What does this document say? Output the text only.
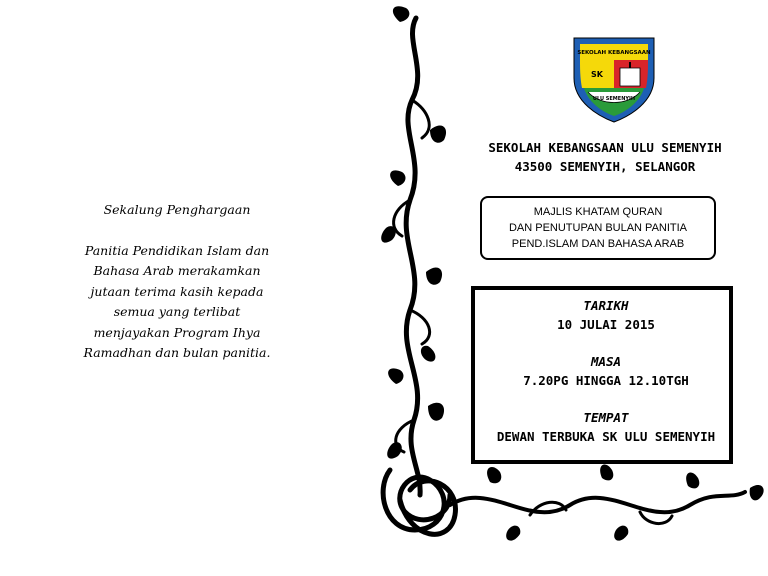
Sekalung Penghargaan
Panitia Pendidikan Islam dan
Bahasa Arab merakamkan
jutaan terima kasih kepada
semua yang terlibat
menjayakan Program Ihya
Ramadhan dan bulan panitia.
SEKOLAH KEBANGSAAN
SK
ULU SEMENYIH
SEKOLAH KEBANGSAAN ULU SEMENYIH
43500 SEMENYIH, SELANGOR
MAJLIS KHATAM QURAN
DAN PENUTUPAN BULAN PANITIA
PEND.ISLAM DAN BAHASA ARAB
TARIKH
10 JULAI 2015
MASA
7.20PG HINGGA 12.10TGH
TEMPAT
DEWAN TERBUKA SK ULU SEMENYIH
